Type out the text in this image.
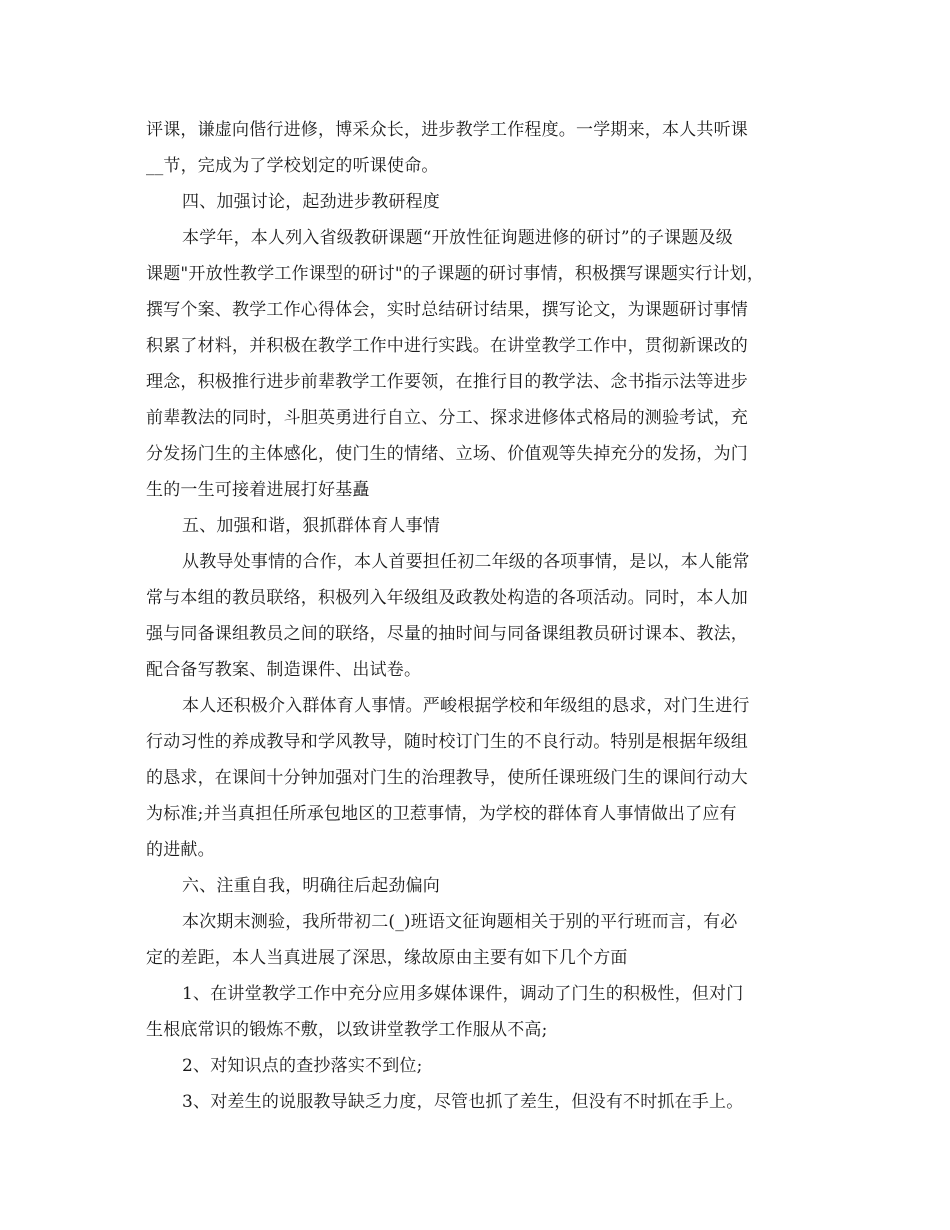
评课，谦虚向偕行进修，博采众长，进步教学工作程度。一学期来，本人共听课
__节，完成为了学校划定的听课使命。
四、加强讨论，起劲进步教研程度
本学年，本人列入省级教研课题“开放性征询题进修的研讨”的子课题及级
课题"开放性教学工作课型的研讨"的子课题的研讨事情，积极撰写课题实行计划，
撰写个案、教学工作心得体会，实时总结研讨结果，撰写论文，为课题研讨事情
积累了材料，并积极在教学工作中进行实践。在讲堂教学工作中，贯彻新课改的
理念，积极推行进步前辈教学工作要领，在推行目的教学法、念书指示法等进步
前辈教法的同时，斗胆英勇进行自立、分工、探求进修体式格局的测验考试，充
分发扬门生的主体感化，使门生的情绪、立场、价值观等失掉充分的发扬，为门
生的一生可接着进展打好基矗
五、加强和谐，狠抓群体育人事情
从教导处事情的合作，本人首要担任初二年级的各项事情，是以，本人能常
常与本组的教员联络，积极列入年级组及政教处构造的各项活动。同时，本人加
强与同备课组教员之间的联络，尽量的抽时间与同备课组教员研讨课本、教法，
配合备写教案、制造课件、出试卷。
本人还积极介入群体育人事情。严峻根据学校和年级组的恳求，对门生进行
行动习性的养成教导和学风教导，随时校订门生的不良行动。特别是根据年级组
的恳求，在课间十分钟加强对门生的治理教导，使所任课班级门生的课间行动大
为标准;并当真担任所承包地区的卫惹事情，为学校的群体育人事情做出了应有
的进献。
六、注重自我，明确往后起劲偏向
本次期末测验，我所带初二(_)班语文征询题相关于别的平行班而言，有必
定的差距，本人当真进展了深思，缘故原由主要有如下几个方面
1、在讲堂教学工作中充分应用多媒体课件，调动了门生的积极性，但对门
生根底常识的锻炼不敷，以致讲堂教学工作服从不高;
2、对知识点的查抄落实不到位;
3、对差生的说服教导缺乏力度，尽管也抓了差生，但没有不时抓在手上。
